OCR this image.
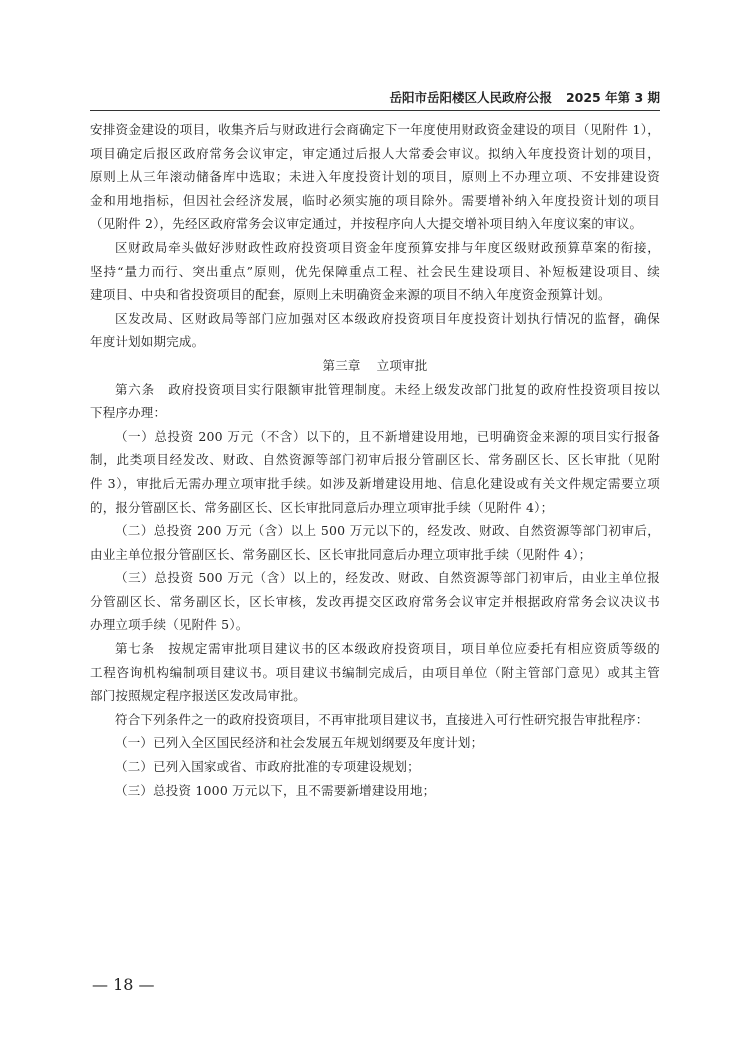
岳阳市岳阳楼区人民政府公报 2025 年第 3 期

安排资金建设的项目，收集齐后与财政进行会商确定下一年度使用财政资金建设的项目（见附件 1），

项目确定后报区政府常务会议审定，审定通过后报人大常委会审议。拟纳入年度投资计划的项目，

原则上从三年滚动储备库中选取；未进入年度投资计划的项目，原则上不办理立项、不安排建设资

金和用地指标，但因社会经济发展，临时必须实施的项目除外。需要增补纳入年度投资计划的项目

（见附件 2），先经区政府常务会议审定通过，并按程序向人大提交增补项目纳入年度议案的审议。

区财政局牵头做好涉财政性政府投资项目资金年度预算安排与年度区级财政预算草案的衔接，

坚持“量力而行、突出重点”原则，优先保障重点工程、社会民生建设项目、补短板建设项目、续

建项目、中央和省投资项目的配套，原则上未明确资金来源的项目不纳入年度资金预算计划。

区发改局、区财政局等部门应加强对区本级政府投资项目年度投资计划执行情况的监督，确保

年度计划如期完成。

第三章 立项审批

第六条　政府投资项目实行限额审批管理制度。未经上级发改部门批复的政府性投资项目按以

下程序办理：

（一）总投资 200 万元（不含）以下的，且不新增建设用地，已明确资金来源的项目实行报备

制，此类项目经发改、财政、自然资源等部门初审后报分管副区长、常务副区长、区长审批（见附

件 3），审批后无需办理立项审批手续。如涉及新增建设用地、信息化建设或有关文件规定需要立项

的，报分管副区长、常务副区长、区长审批同意后办理立项审批手续（见附件 4）；

（二）总投资 200 万元（含）以上 500 万元以下的，经发改、财政、自然资源等部门初审后，

由业主单位报分管副区长、常务副区长、区长审批同意后办理立项审批手续（见附件 4）；

（三）总投资 500 万元（含）以上的，经发改、财政、自然资源等部门初审后，由业主单位报

分管副区长、常务副区长，区长审核，发改再提交区政府常务会议审定并根据政府常务会议决议书

办理立项手续（见附件 5）。

第七条　按规定需审批项目建议书的区本级政府投资项目，项目单位应委托有相应资质等级的

工程咨询机构编制项目建议书。项目建议书编制完成后，由项目单位（附主管部门意见）或其主管

部门按照规定程序报送区发改局审批。

符合下列条件之一的政府投资项目，不再审批项目建议书，直接进入可行性研究报告审批程序：

（一）已列入全区国民经济和社会发展五年规划纲要及年度计划；

（二）已列入国家或省、市政府批准的专项建设规划；

（三）总投资 1000 万元以下，且不需要新增建设用地；

— 18 —
